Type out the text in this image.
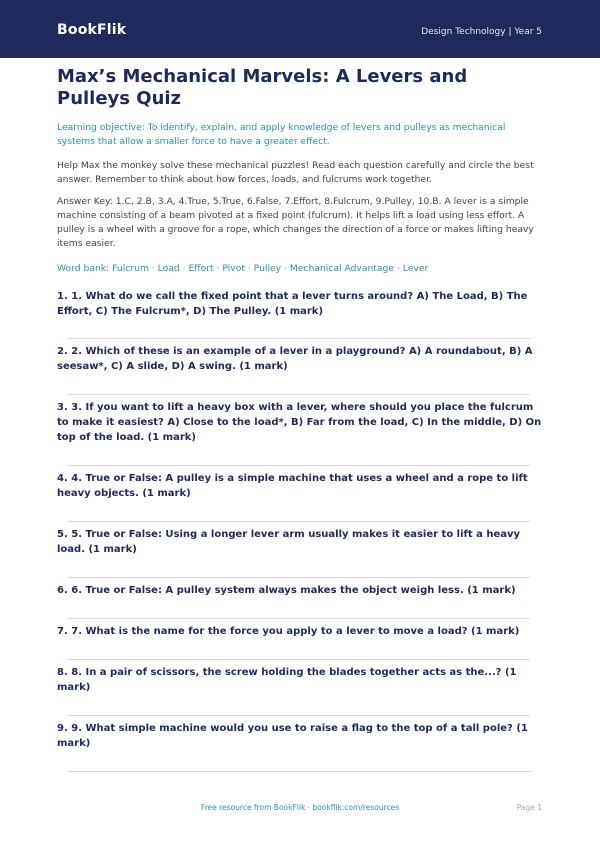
BookFlik	Design Technology | Year 5
Max’s Mechanical Marvels: A Levers and Pulleys Quiz
Learning objective: To identify, explain, and apply knowledge of levers and pulleys as mechanical systems that allow a smaller force to have a greater effect.
Help Max the monkey solve these mechanical puzzles! Read each question carefully and circle the best answer. Remember to think about how forces, loads, and fulcrums work together.
Answer Key: 1.C, 2.B, 3.A, 4.True, 5.True, 6.False, 7.Effort, 8.Fulcrum, 9.Pulley, 10.B. A lever is a simple machine consisting of a beam pivoted at a fixed point (fulcrum). It helps lift a load using less effort. A pulley is a wheel with a groove for a rope, which changes the direction of a force or makes lifting heavy items easier.
Word bank: Fulcrum · Load · Effort · Pivot · Pulley · Mechanical Advantage · Lever
1. 1. What do we call the fixed point that a lever turns around? A) The Load, B) The Effort, C) The Fulcrum*, D) The Pulley. (1 mark)
2. 2. Which of these is an example of a lever in a playground? A) A roundabout, B) A seesaw*, C) A slide, D) A swing. (1 mark)
3. 3. If you want to lift a heavy box with a lever, where should you place the fulcrum to make it easiest? A) Close to the load*, B) Far from the load, C) In the middle, D) On top of the load. (1 mark)
4. 4. True or False: A pulley is a simple machine that uses a wheel and a rope to lift heavy objects. (1 mark)
5. 5. True or False: Using a longer lever arm usually makes it easier to lift a heavy load. (1 mark)
6. 6. True or False: A pulley system always makes the object weigh less. (1 mark)
7. 7. What is the name for the force you apply to a lever to move a load? (1 mark)
8. 8. In a pair of scissors, the screw holding the blades together acts as the...? (1 mark)
9. 9. What simple machine would you use to raise a flag to the top of a tall pole? (1 mark)
Free resource from BookFlik · bookflik.com/resources	Page 1
